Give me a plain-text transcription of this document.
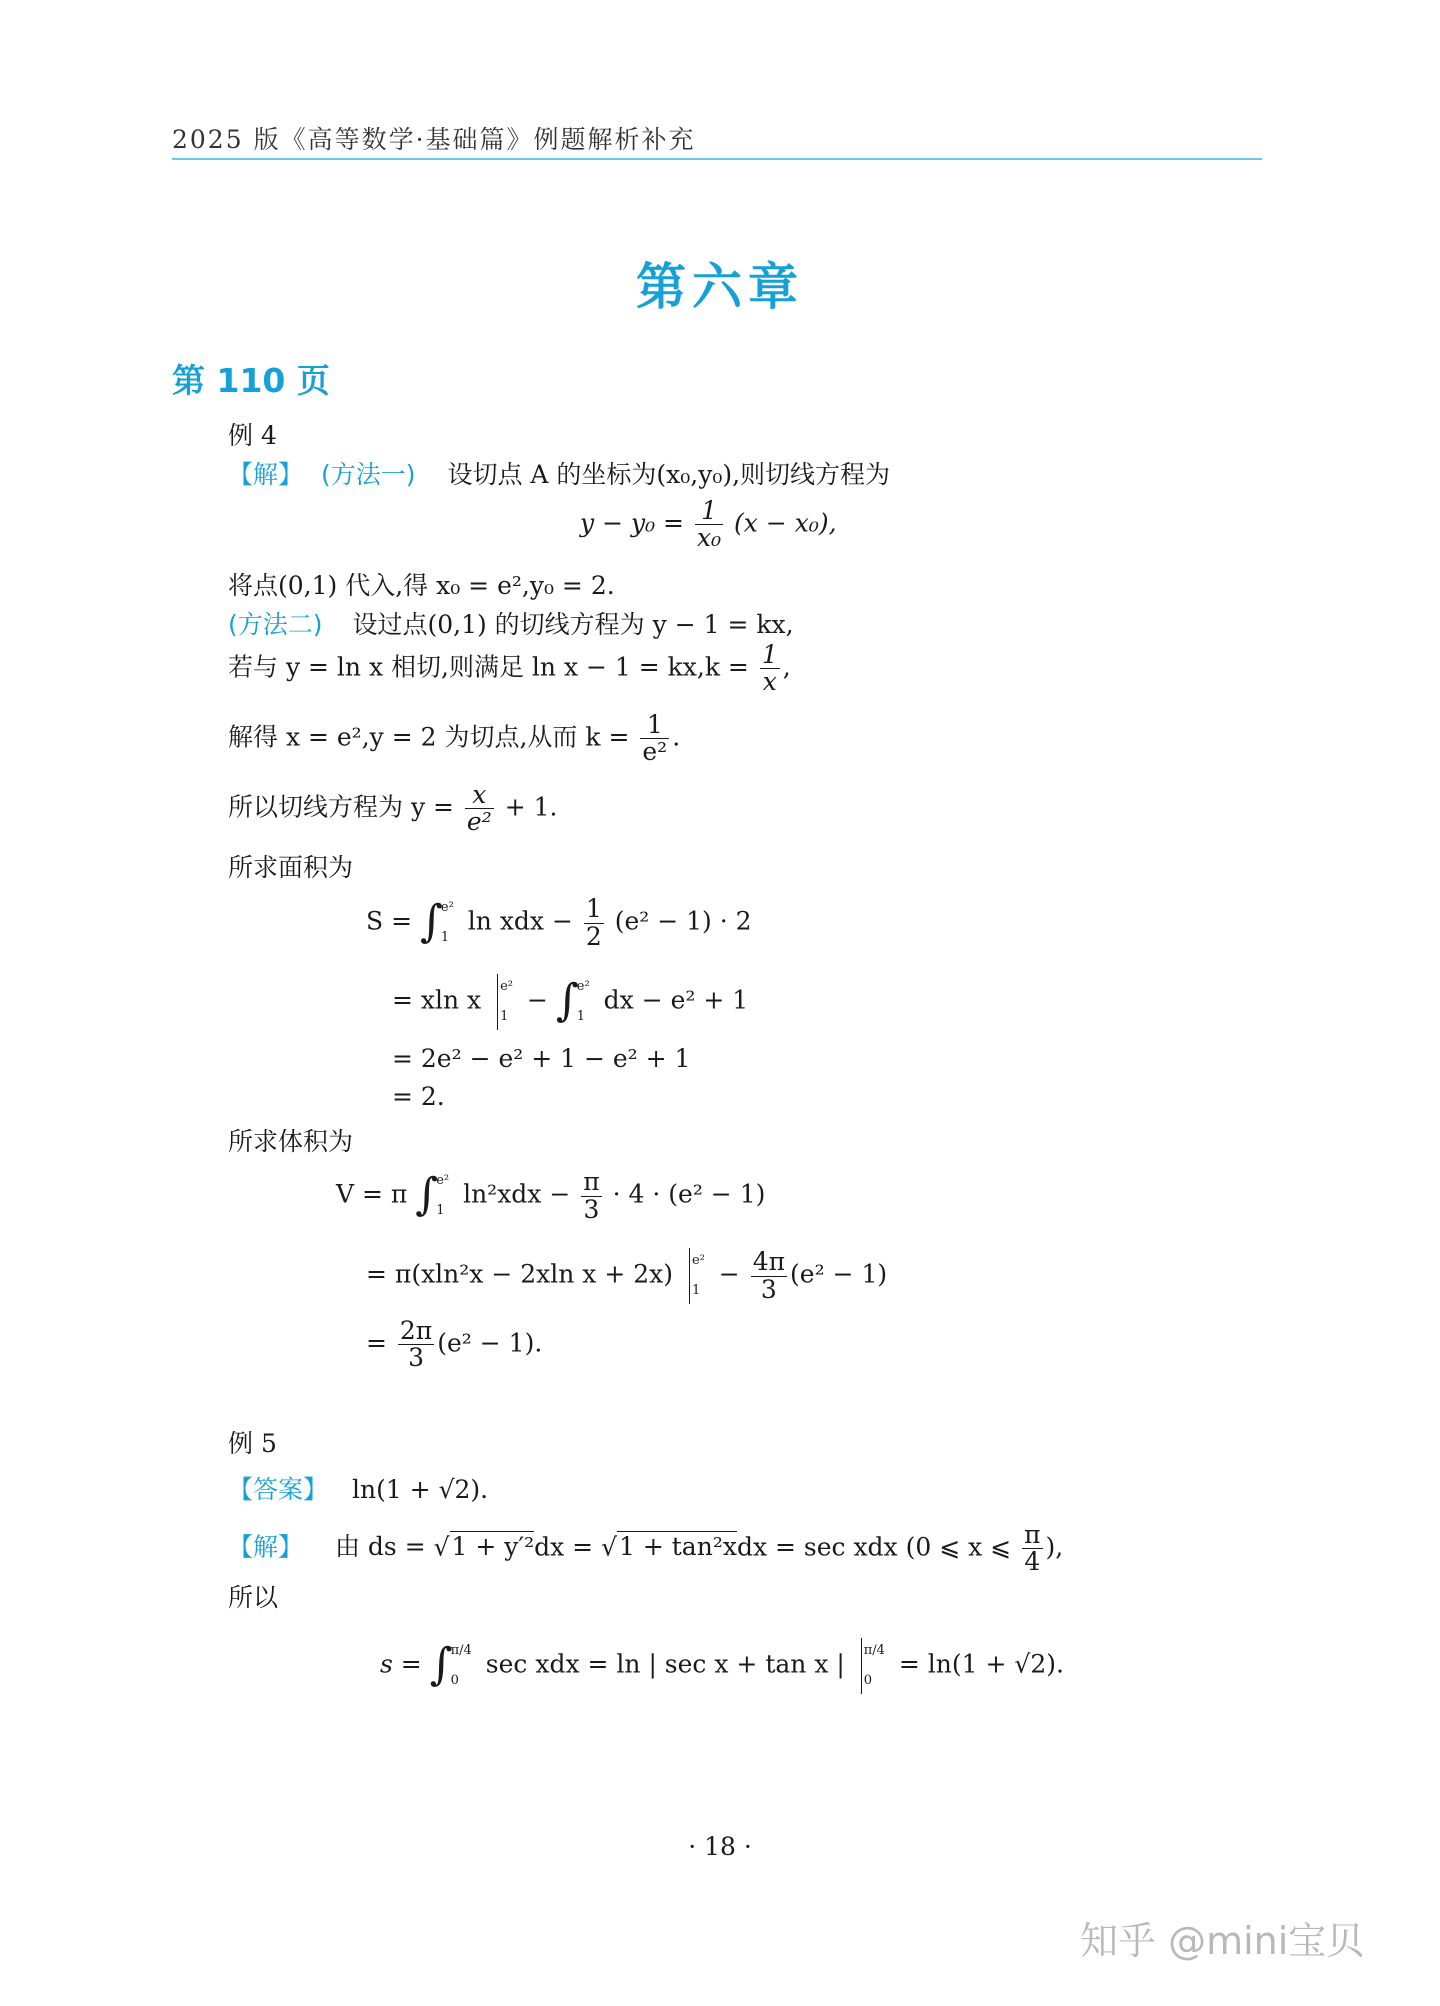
2025 版《高等数学·基础篇》例题解析补充
第六章
第 110 页
例 4
【解】 (方法一) 设切点 A 的坐标为(x₀,y₀),则切线方程为
$y - y_0 = \frac{1}{\text{x₀}} (x - x_0)$,
将点(0,1) 代入,得 x₀ = e²,y₀ = 2.
(方法二) 设过点(0,1) 的切线方程为 y − 1 = kx,
若与 y = ln x 相切,则满足 $\ln x - 1 = kx,k = \frac{1}{x}$ ,
解得 x = e²,y = 2 为切点,从而 $k = \frac{1}{\text{e²}}$ .
所以切线方程为 $y = \frac{x}{\text{e²}} + 1$.
所求面积为
S = ∫
e²
1
ln xdx − $\frac{1}{2} (e^2 - 1) \cdot 2$
= xln x e²
1
− ∫
e²
1
dx − e² + 1
= 2e² − e² + 1 − e² + 1
= 2.
所求体积为
V = π ∫
e²
1
$\ln^2xdx - \frac{\pi}{3} \cdot 4 \cdot (e^2 - 1)$
= π(xln²x − 2xln x + 2x) e²
1
− $\frac{4\pi}{3} (e^2 - 1)$
= $\frac{2\pi}{3} (e^2 - 1)$.
例 5
【答案】 ln(1 + √2).
【解】 由 ds = √1 + y′²dx = √1 + tan²xdx = sec xdx (0 ⩽ x ⩽ $\frac{\pi}{4}$ ),
所以
s = ∫
π/4
0
sec xdx = ln | sec x + tan x | π/4
0
= ln(1 + √2).
· 18 ·
知乎 @mini宝贝
